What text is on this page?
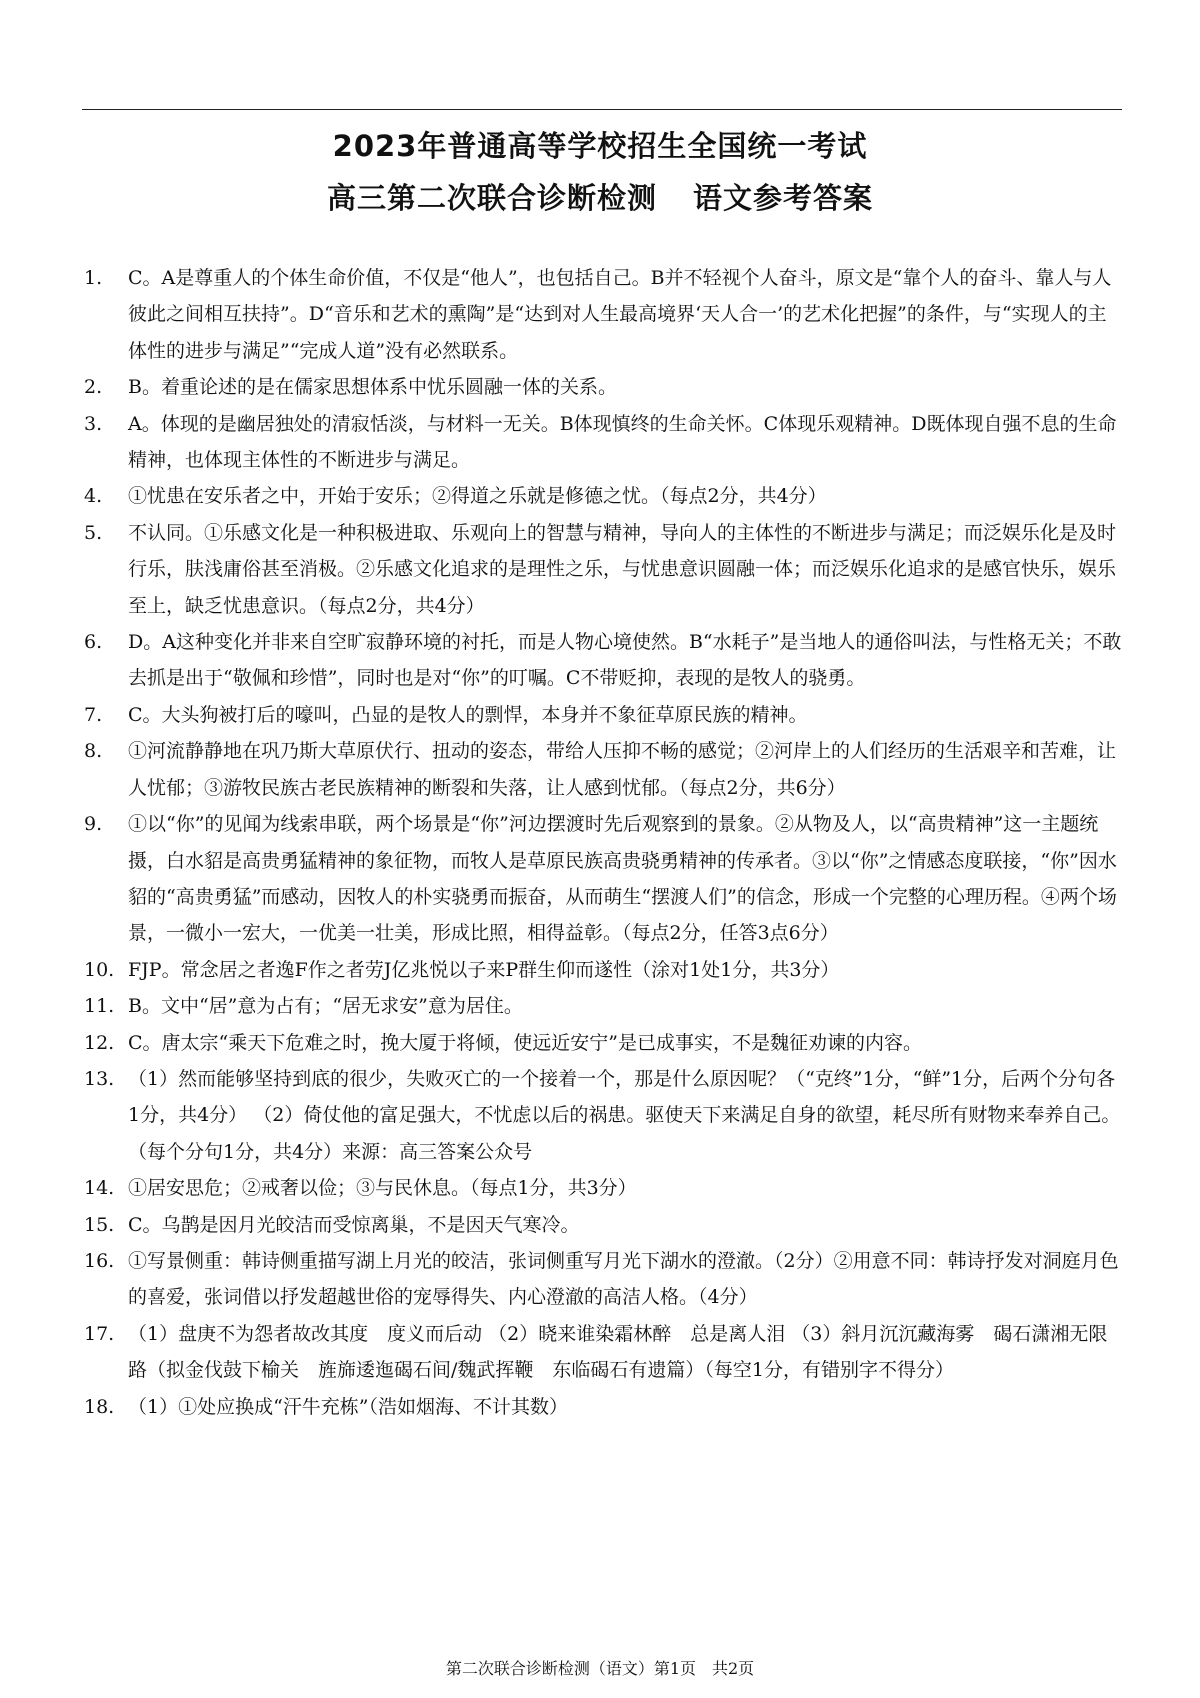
2023年普通高等学校招生全国统一考试
高三第二次联合诊断检测 语文参考答案
1. C。A是尊重人的个体生命价值，不仅是“他人”，也包括自己。B并不轻视个人奋斗，原文是“靠个人的奋斗、靠人与人彼此之间相互扶持”。D“音乐和艺术的熏陶”是“达到对人生最高境界‘天人合一’的艺术化把握”的条件，与“实现人的主体性的进步与满足”“完成人道”没有必然联系。
2. B。着重论述的是在儒家思想体系中忧乐圆融一体的关系。
3. A。体现的是幽居独处的清寂恬淡，与材料一无关。B体现慎终的生命关怀。C体现乐观精神。D既体现自强不息的生命精神，也体现主体性的不断进步与满足。
4. ①忧患在安乐者之中，开始于安乐；②得道之乐就是修德之忧。（每点2分，共4分）
5. 不认同。①乐感文化是一种积极进取、乐观向上的智慧与精神，导向人的主体性的不断进步与满足；而泛娱乐化是及时行乐，肤浅庸俗甚至消极。②乐感文化追求的是理性之乐，与忧患意识圆融一体；而泛娱乐化追求的是感官快乐，娱乐至上，缺乏忧患意识。（每点2分，共4分）
6. D。A这种变化并非来自空旷寂静环境的衬托，而是人物心境使然。B“水耗子”是当地人的通俗叫法，与性格无关；不敢去抓是出于“敬佩和珍惜”，同时也是对“你”的叮嘱。C不带贬抑，表现的是牧人的骁勇。
7. C。大头狗被打后的嚎叫，凸显的是牧人的剽悍，本身并不象征草原民族的精神。
8. ①河流静静地在巩乃斯大草原伏行、扭动的姿态，带给人压抑不畅的感觉；②河岸上的人们经历的生活艰辛和苦难，让人忧郁；③游牧民族古老民族精神的断裂和失落，让人感到忧郁。（每点2分，共6分）
9. ①以“你”的见闻为线索串联，两个场景是“你”河边摆渡时先后观察到的景象。②从物及人，以“高贵精神”这一主题统摄，白水貂是高贵勇猛精神的象征物，而牧人是草原民族高贵骁勇精神的传承者。③以“你”之情感态度联接，“你”因水貂的“高贵勇猛”而感动，因牧人的朴实骁勇而振奋，从而萌生“摆渡人们”的信念，形成一个完整的心理历程。④两个场景，一微小一宏大，一优美一壮美，形成比照，相得益彰。（每点2分，任答3点6分）
10. FJP。常念居之者逸F作之者劳J亿兆悦以子来P群生仰而遂性（涂对1处1分，共3分）
11. B。文中“居”意为占有；“居无求安”意为居住。
12. C。唐太宗“乘天下危难之时，挽大厦于将倾，使远近安宁”是已成事实，不是魏征劝谏的内容。
13. （1）然而能够坚持到底的很少，失败灭亡的一个接着一个，那是什么原因呢？（“克终”1分，“鲜”1分，后两个分句各1分，共4分） （2）倚仗他的富足强大，不忧虑以后的祸患。驱使天下来满足自身的欲望，耗尽所有财物来奉养自己。（每个分句1分，共4分）来源：高三答案公众号
14. ①居安思危；②戒奢以俭；③与民休息。（每点1分，共3分）
15. C。乌鹊是因月光皎洁而受惊离巢，不是因天气寒冷。
16. ①写景侧重：韩诗侧重描写湖上月光的皎洁，张词侧重写月光下湖水的澄澈。（2分）②用意不同：韩诗抒发对洞庭月色的喜爱，张词借以抒发超越世俗的宠辱得失、内心澄澈的高洁人格。（4分）
17. （1）盘庚不为怨者故改其度　度义而后动 （2）晓来谁染霜林醉　总是离人泪 （3）斜月沉沉藏海雾　碣石潇湘无限路（拟金伐鼓下榆关　旌旆逶迤碣石间/魏武挥鞭　东临碣石有遗篇）（每空1分，有错别字不得分）
18. （1）①处应换成“汗牛充栋”（浩如烟海、不计其数）
第二次联合诊断检测（语文）第1页　共2页
